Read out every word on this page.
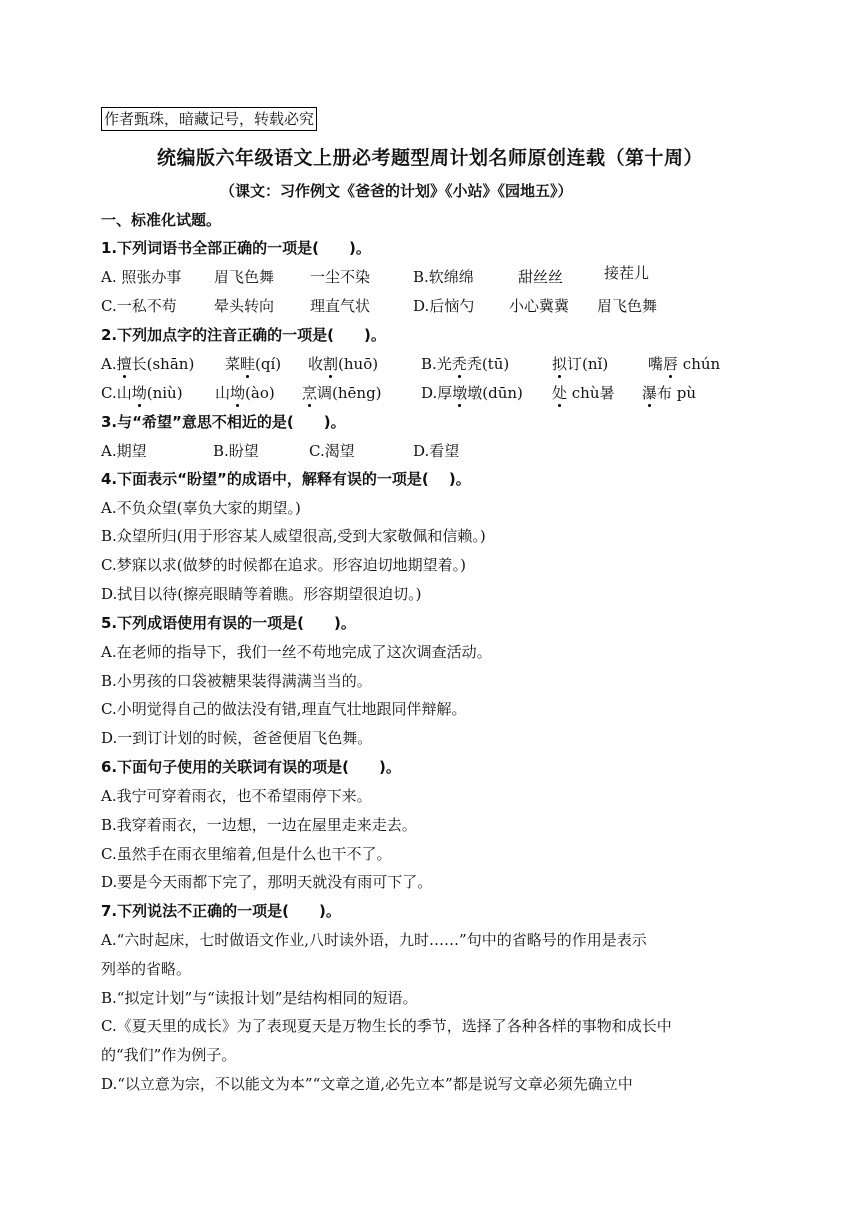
作者甄珠，暗藏记号，转载必究
统编版六年级语文上册必考题型周计划名师原创连载（第十周）
（课文：习作例文《爸爸的计划》《小站》《园地五》）
一、标准化试题。
1.下列词语书全部正确的一项是(　　)。
A. 照张办事 眉飞色舞 一尘不染	B.软绵绵	甜丝丝	接茬儿
C.一私不苟 晕头转向 理直气状	D.后恼勺 小心冀冀 眉飞色舞
2.下列加点字的注音正确的一项是(　　)。
A.擅长(shān) 菜畦(qí) 收割(huō)	B.光秃秃(tū)	拟订(nǐ)	嘴唇 chún
C.山坳(niù) 山坳(ào) 烹调(hēng)	D.厚墩墩(dūn) 处 chù暑 瀑布 pù
3.与“希望”意思不相近的是(　　)。
A.期望	B.盼望	C.渴望	D.看望
4.下面表示“盼望”的成语中，解释有误的一项是(　 )。
A.不负众望(辜负大家的期望。)
B.众望所归(用于形容某人威望很高,受到大家敬佩和信赖。)
C.梦寐以求(做梦的时候都在追求。形容迫切地期望着。)
D.拭目以待(擦亮眼睛等着瞧。形容期望很迫切。)
5.下列成语使用有误的一项是(　　)。
A.在老师的指导下，我们一丝不苟地完成了这次调查活动。
B.小男孩的口袋被糖果装得满满当当的。
C.小明觉得自己的做法没有错,理直气壮地跟同伴辩解。
D.一到订计划的时候，爸爸便眉飞色舞。
6.下面句子使用的关联词有误的项是(　　)。
A.我宁可穿着雨衣，也不希望雨停下来。
B.我穿着雨衣，一边想，一边在屋里走来走去。
C.虽然手在雨衣里缩着,但是什么也干不了。
D.要是今天雨都下完了，那明天就没有雨可下了。
7.下列说法不正确的一项是(　　)。
A.“六时起床，七时做语文作业,八时读外语，九时……”句中的省略号的作用是表示
列举的省略。
B.“拟定计划”与“读报计划”是结构相同的短语。
C.《夏天里的成长》为了表现夏天是万物生长的季节，选择了各种各样的事物和成长中
的“我们”作为例子。
D.“以立意为宗，不以能文为本”“文章之道,必先立本”都是说写文章必须先确立中
